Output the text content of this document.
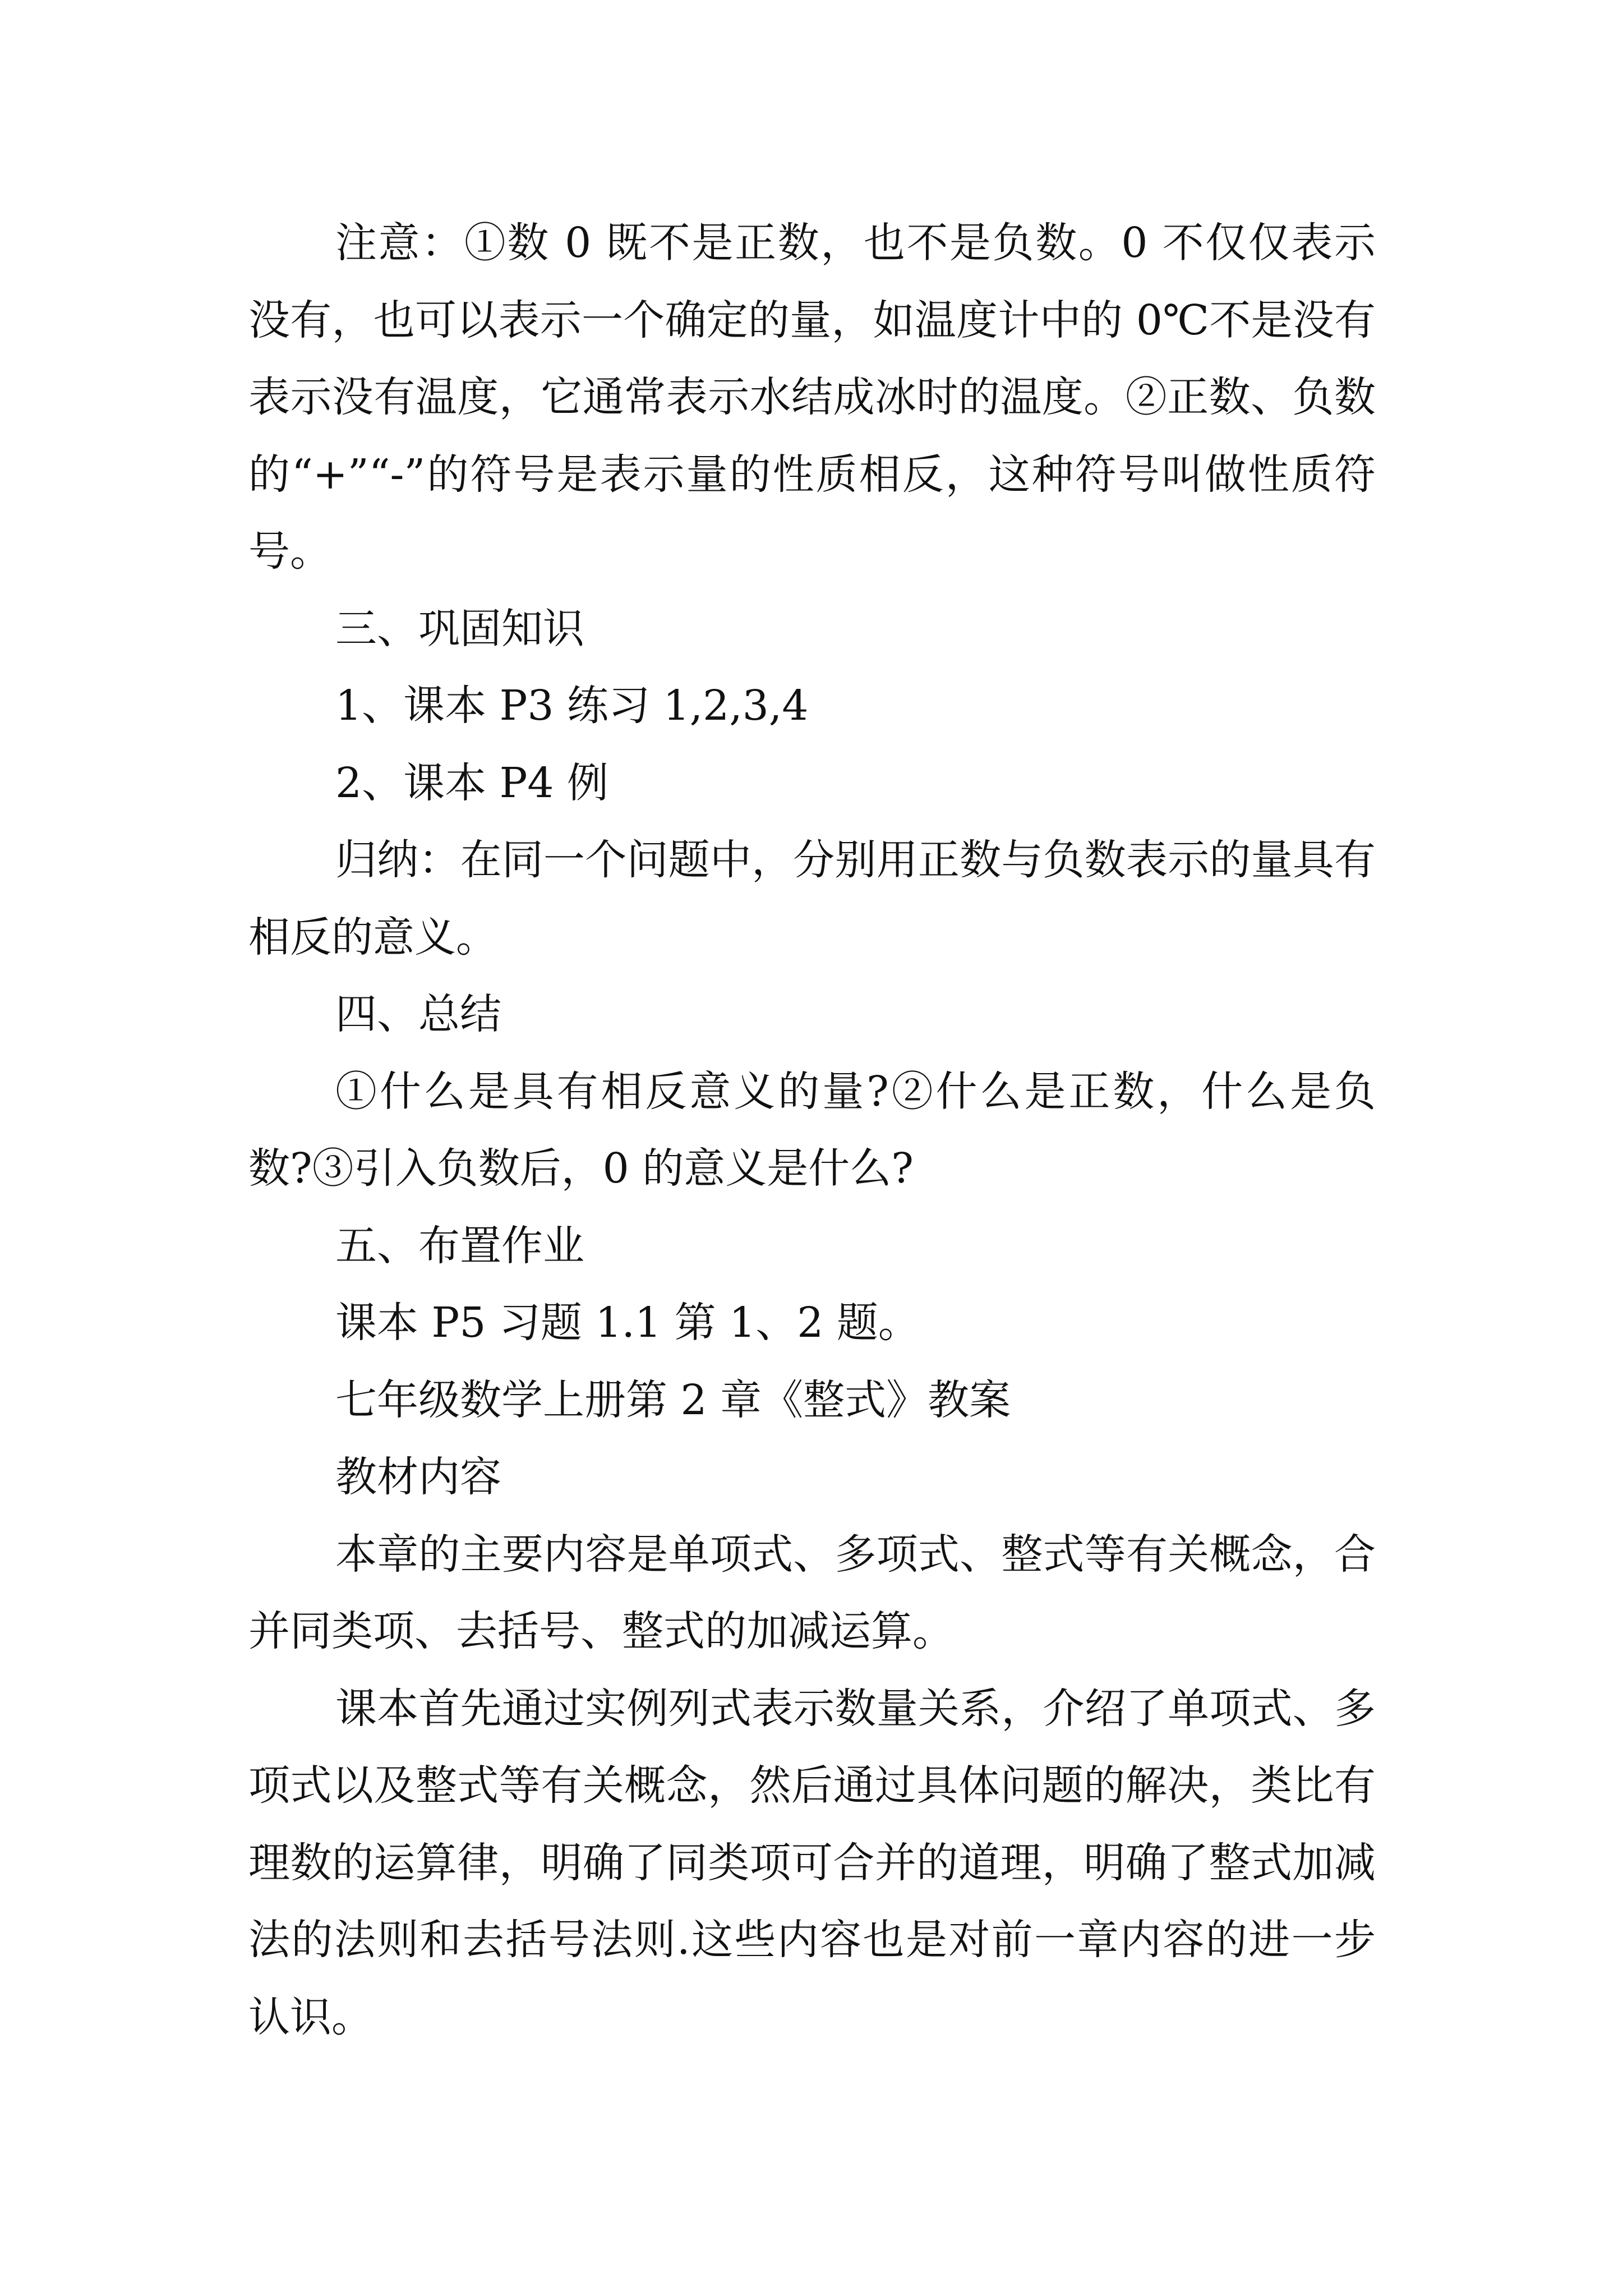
注意：①数 0 既不是正数，也不是负数。0 不仅仅表示没有，也可以表示一个确定的量，如温度计中的 0℃不是没有表示没有温度，它通常表示水结成冰时的温度。②正数、负数的“+”“-”的符号是表示量的性质相反，这种符号叫做性质符号。

三、巩固知识

1、课本 P3 练习 1,2,3,4

2、课本 P4 例

归纳：在同一个问题中，分别用正数与负数表示的量具有相反的意义。

四、总结

①什么是具有相反意义的量?②什么是正数，什么是负数?③引入负数后，0 的意义是什么?

五、布置作业

课本 P5 习题 1.1 第 1、2 题。

七年级数学上册第 2 章《整式》教案

教材内容

本章的主要内容是单项式、多项式、整式等有关概念，合并同类项、去括号、整式的加减运算。

课本首先通过实例列式表示数量关系，介绍了单项式、多项式以及整式等有关概念，然后通过具体问题的解决，类比有理数的运算律，明确了同类项可合并的道理，明确了整式加减法的法则和去括号法则.这些内容也是对前一章内容的进一步认识。
